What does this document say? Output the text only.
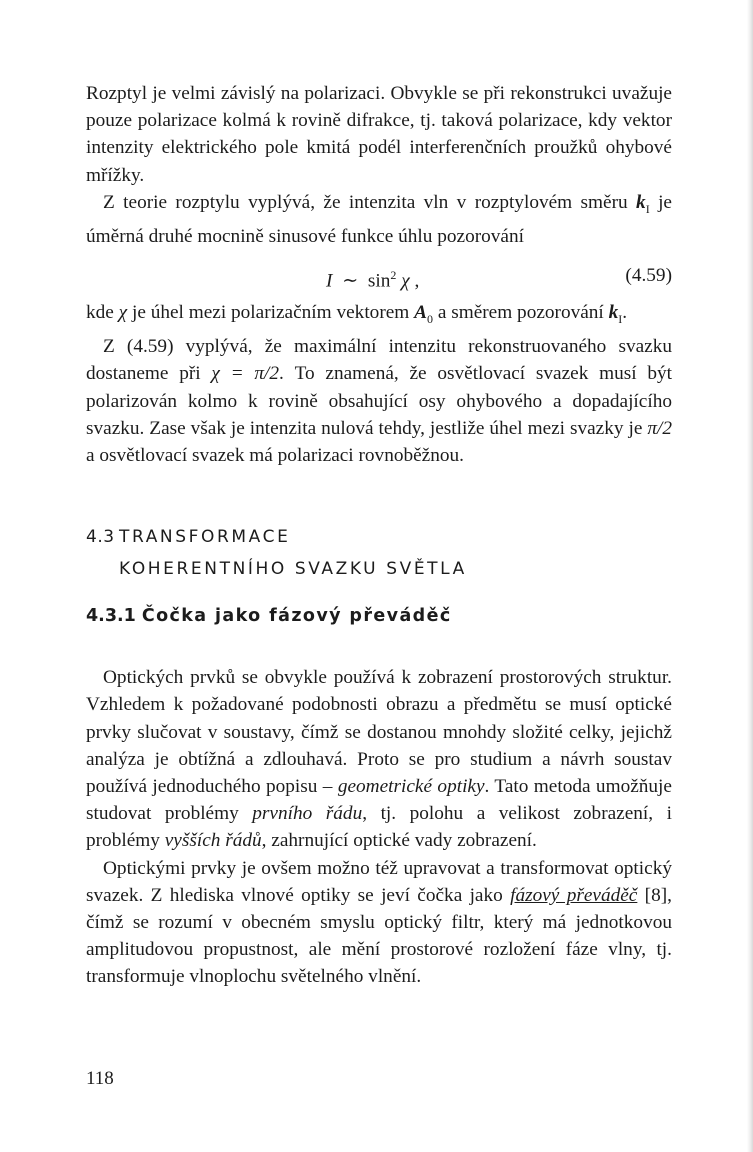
Rozptyl je velmi závislý na polarizaci. Obvykle se při rekonstrukci uvažuje pouze polarizace kolmá k rovině difrakce, tj. taková polarizace, kdy vektor intenzity elektrického pole kmitá podél interferenčních proužků ohybové mřížky.

Z teorie rozptylu vyplývá, že intenzita vln v rozptylovém směru $k_I$ je úměrná druhé mocnině sinusové funkce úhlu pozorování

I ∼ $\sin^2 \chi$ ,	(4.59)

kde χ je úhel mezi polarizačním vektorem $A_0$ a směrem pozorování $k_I$.

Z (4.59) vyplývá, že maximální intenzitu rekonstruovaného svazku dostaneme při χ = π/2. To znamená, že osvětlovací svazek musí být polarizován kolmo k rovině obsahující osy ohybového a dopadajícího svazku. Zase však je intenzita nulová tehdy, jestliže úhel mezi svazky je π/2 a osvětlovací svazek má polarizaci rovnoběžnou.

4.3 TRANSFORMACE
KOHERENTNÍHO SVAZKU SVĚTLA
4.3.1 Čočka jako fázový převáděč

Optických prvků se obvykle používá k zobrazení prostorových struktur. Vzhledem k požadované podobnosti obrazu a předmětu se musí optické prvky slučovat v soustavy, čímž se dostanou mnohdy složité celky, jejichž analýza je obtížná a zdlouhavá. Proto se pro studium a návrh soustav používá jednoduchého popisu – geometrické optiky. Tato metoda umožňuje studovat problémy prvního řádu, tj. polohu a velikost zobrazení, i problémy vyšších řádů, zahrnující optické vady zobrazení.

Optickými prvky je ovšem možno též upravovat a transformovat optický svazek. Z hlediska vlnové optiky se jeví čočka jako fázový převáděč [8], čímž se rozumí v obecném smyslu optický filtr, který má jednotkovou amplitudovou propustnost, ale mění prostorové rozložení fáze vlny, tj. transformuje vlnoplochu světelného vlnění.

118
